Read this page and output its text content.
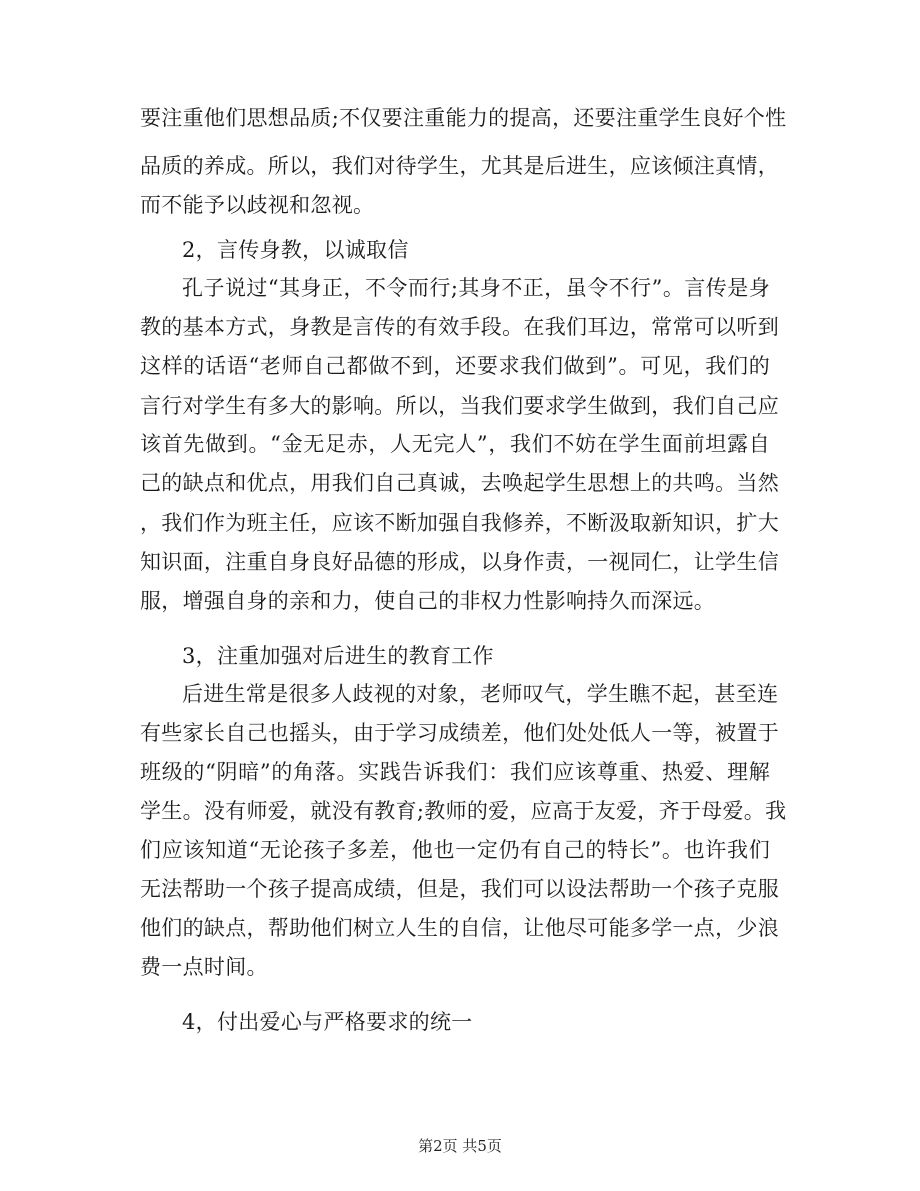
要注重他们思想品质;不仅要注重能力的提高，还要注重学生良好个性
品质的养成。所以，我们对待学生，尤其是后进生，应该倾注真情，
而不能予以歧视和忽视。
2，言传身教，以诚取信
孔子说过“其身正，不令而行;其身不正，虽令不行”。言传是身
教的基本方式，身教是言传的有效手段。在我们耳边，常常可以听到
这样的话语“老师自己都做不到，还要求我们做到”。可见，我们的
言行对学生有多大的影响。所以，当我们要求学生做到，我们自己应
该首先做到。“金无足赤，人无完人”，我们不妨在学生面前坦露自
己的缺点和优点，用我们自己真诚，去唤起学生思想上的共鸣。当然
，我们作为班主任，应该不断加强自我修养，不断汲取新知识，扩大
知识面，注重自身良好品德的形成，以身作责，一视同仁，让学生信
服，增强自身的亲和力，使自己的非权力性影响持久而深远。
3，注重加强对后进生的教育工作
后进生常是很多人歧视的对象，老师叹气，学生瞧不起，甚至连
有些家长自己也摇头，由于学习成绩差，他们处处低人一等，被置于
班级的“阴暗”的角落。实践告诉我们：我们应该尊重、热爱、理解
学生。没有师爱，就没有教育;教师的爱，应高于友爱，齐于母爱。我
们应该知道“无论孩子多差，他也一定仍有自己的特长”。也许我们
无法帮助一个孩子提高成绩，但是，我们可以设法帮助一个孩子克服
他们的缺点，帮助他们树立人生的自信，让他尽可能多学一点，少浪
费一点时间。
4，付出爱心与严格要求的统一
第2页 共5页
